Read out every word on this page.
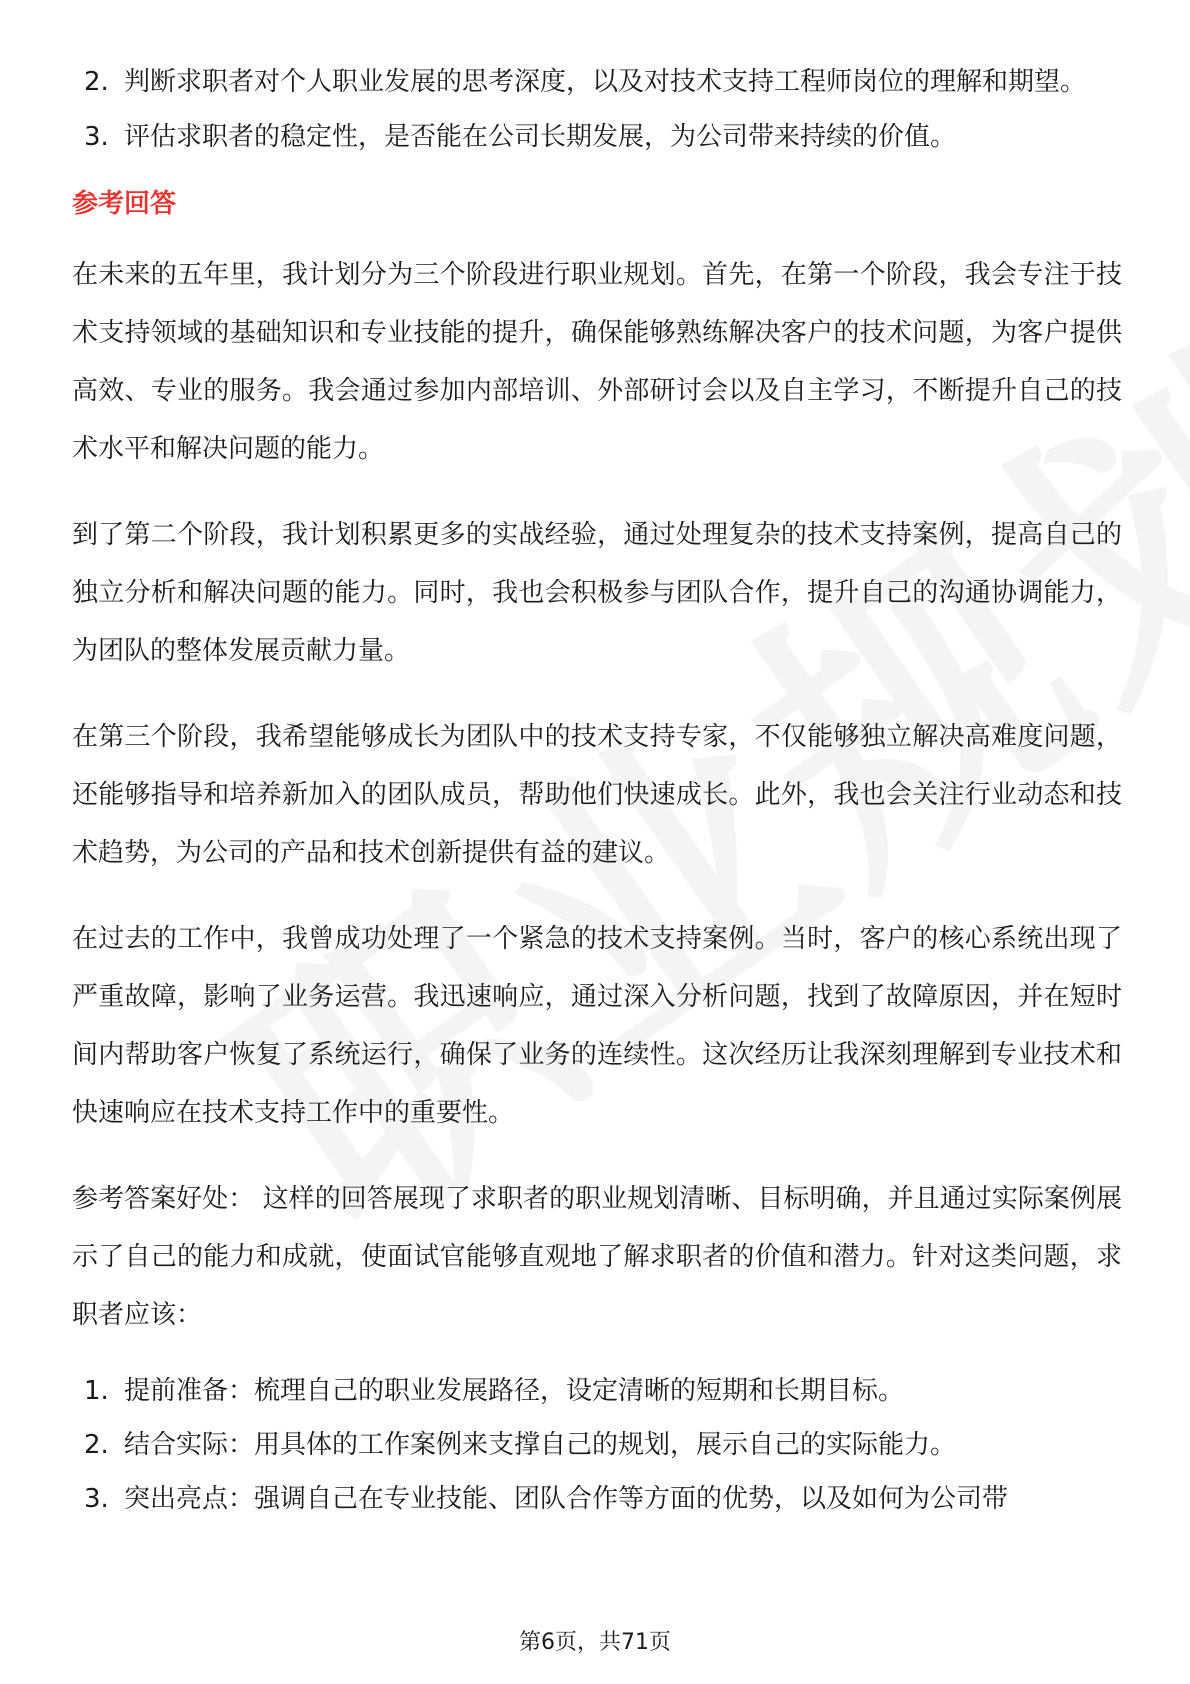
2. 判断求职者对个人职业发展的思考深度，以及对技术支持工程师岗位的理解和期望。
3. 评估求职者的稳定性，是否能在公司长期发展，为公司带来持续的价值。
参考回答

在未来的五年里，我计划分为三个阶段进行职业规划。首先，在第一个阶段，我会专注于技术支持领域的基础知识和专业技能的提升，确保能够熟练解决客户的技术问题，为客户提供高效、专业的服务。我会通过参加内部培训、外部研讨会以及自主学习，不断提升自己的技术水平和解决问题的能力。

到了第二个阶段，我计划积累更多的实战经验，通过处理复杂的技术支持案例，提高自己的独立分析和解决问题的能力。同时，我也会积极参与团队合作，提升自己的沟通协调能力，为团队的整体发展贡献力量。

在第三个阶段，我希望能够成长为团队中的技术支持专家，不仅能够独立解决高难度问题，还能够指导和培养新加入的团队成员，帮助他们快速成长。此外，我也会关注行业动态和技术趋势，为公司的产品和技术创新提供有益的建议。

在过去的工作中，我曾成功处理了一个紧急的技术支持案例。当时，客户的核心系统出现了严重故障，影响了业务运营。我迅速响应，通过深入分析问题，找到了故障原因，并在短时间内帮助客户恢复了系统运行，确保了业务的连续性。这次经历让我深刻理解到专业技术和快速响应在技术支持工作中的重要性。

参考答案好处： 这样的回答展现了求职者的职业规划清晰、目标明确，并且通过实际案例展示了自己的能力和成就，使面试官能够直观地了解求职者的价值和潜力。针对这类问题，求职者应该：

1. 提前准备：梳理自己的职业发展路径，设定清晰的短期和长期目标。
2. 结合实际：用具体的工作案例来支撑自己的规划，展示自己的实际能力。
3. 突出亮点：强调自己在专业技能、团队合作等方面的优势，以及如何为公司带
第6页，共71页
